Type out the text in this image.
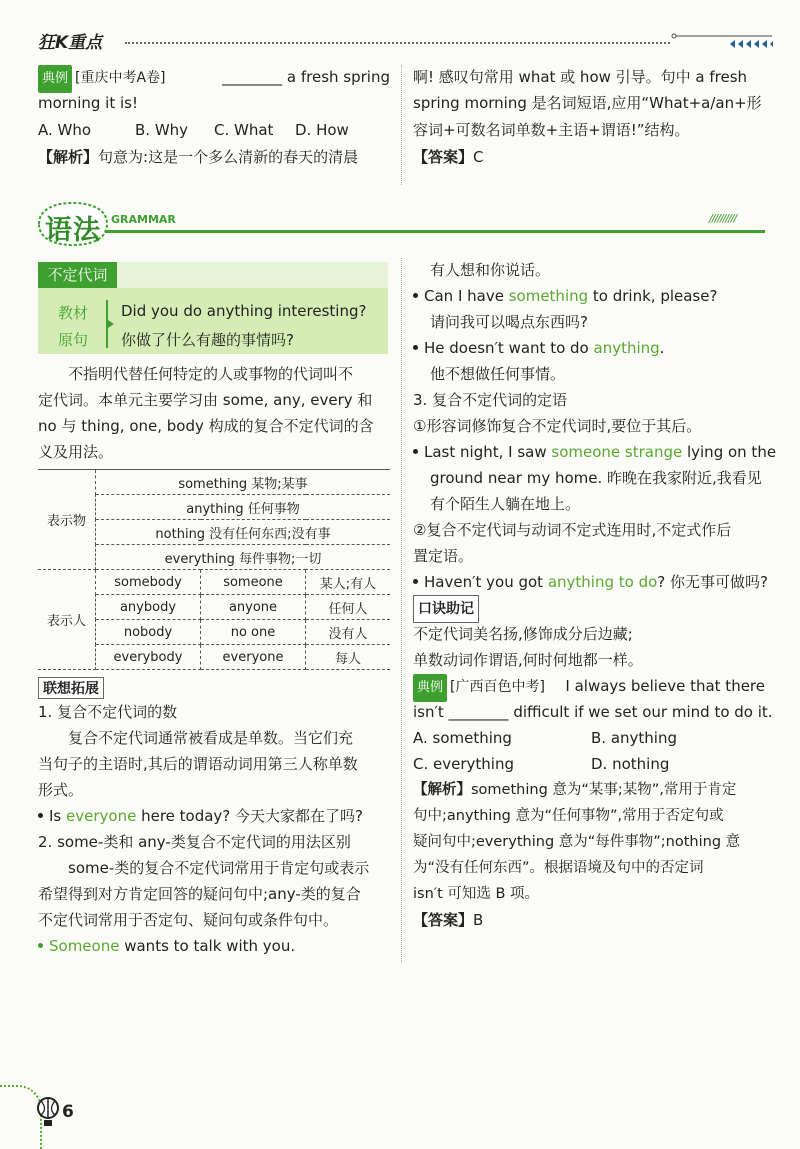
狂K重点
典例 [重庆中考A卷]	________ a fresh spring
morning it is!
A. Who	B. Why C. What D. How
【解析】句意为:这是一个多么清新的春天的清晨
啊! 感叹句常用 what 或 how 引导。句中 a fresh
spring morning 是名词短语,应用“What+a/an+形
容词+可数名词单数+主语+谓语!”结构。
【答案】C
语法 GRAMMAR	//////////
不定代词
教材
原句
Did you do anything interesting?
你做了什么有趣的事情吗?
不指明代替任何特定的人或事物的代词叫不
定代词。本单元主要学习由 some, any, every 和
no 与 thing, one, body 构成的复合不定代词的含
义及用法。
表示物	something 某物;某事		
	anything 任何事物		
	nothing 没有任何东西;没有事		
	everything 每件事物;一切		
表示人	somebody	someone	某人;有人
	anybody	anyone	任何人
	nobody	no one	没有人
	everybody	everyone	每人
联想拓展
1. 复合不定代词的数
复合不定代词通常被看成是单数。当它们充
当句子的主语时,其后的谓语动词用第三人称单数
形式。
Is everyone here today? 今天大家都在了吗?
2. some-类和 any-类复合不定代词的用法区别
some-类的复合不定代词常用于肯定句或表示
希望得到对方肯定回答的疑问句中;any-类的复合
不定代词常用于否定句、疑问句或条件句中。
Someone wants to talk with you.
有人想和你说话。
Can I have something to drink, please?
请问我可以喝点东西吗?
He doesn′t want to do anything.
他不想做任何事情。
3. 复合不定代词的定语
①形容词修饰复合不定代词时,要位于其后。
Last night, I saw someone strange lying on the
ground near my home. 昨晚在我家附近,我看见
有个陌生人躺在地上。
②复合不定代词与动词不定式连用时,不定式作后
置定语。
Haven′t you got anything to do? 你无事可做吗?
口诀助记
不定代词美名扬,修饰成分后边藏;
单数动词作谓语,何时何地都一样。
典例 [广西百色中考] I always believe that there
isn′t ________ difficult if we set our mind to do it.
A. something	B. anything
C. everything	D. nothing
【解析】something 意为“某事;某物”,常用于肯定
句中;anything 意为“任何事物”,常用于否定句或
疑问句中;everything 意为“每件事物”;nothing 意
为“没有任何东西”。根据语境及句中的否定词
isn′t 可知选 B 项。
【答案】B
6
